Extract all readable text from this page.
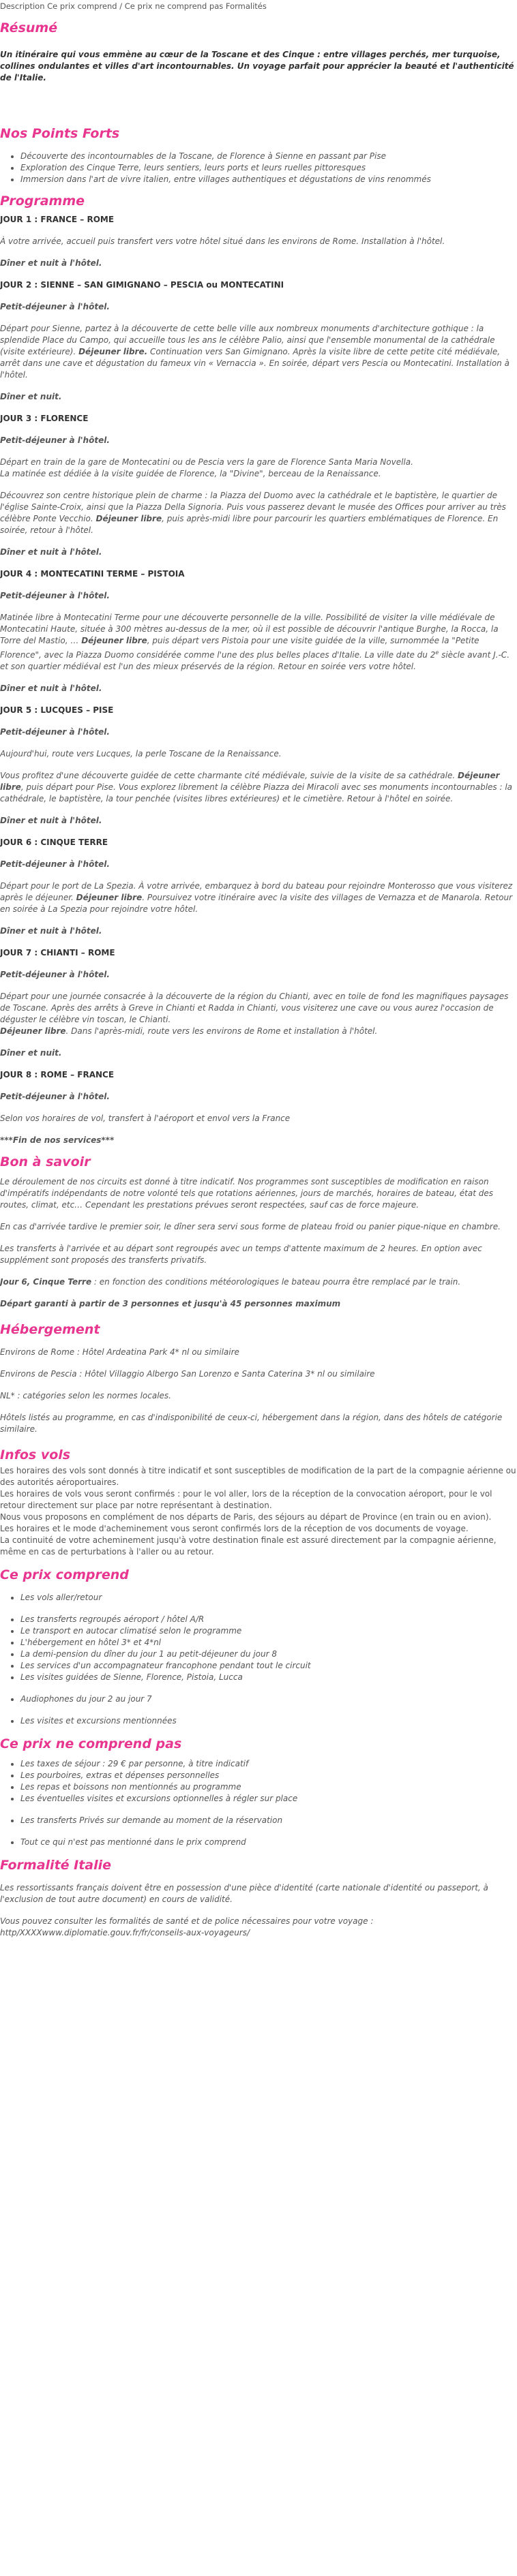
Description Ce prix comprend / Ce prix ne comprend pas Formalités
Résumé

Un itinéraire qui vous emmène au cœur de la Toscane et des Cinque : entre villages perchés, mer turquoise, collines ondulantes et villes d'art incontournables. Un voyage parfait pour apprécier la beauté et l'authenticité de l'Italie.

Nos Points Forts
• Découverte des incontournables de la Toscane, de Florence à Sienne en passant par Pise
• Exploration des Cinque Terre, leurs sentiers, leurs ports et leurs ruelles pittoresques
• Immersion dans l'art de vivre italien, entre villages authentiques et dégustations de vins renommés
Programme

JOUR 1 : FRANCE – ROME

À votre arrivée, accueil puis transfert vers votre hôtel situé dans les environs de Rome. Installation à l'hôtel.

Dîner et nuit à l'hôtel.

JOUR 2 : SIENNE – SAN GIMIGNANO – PESCIA ou MONTECATINI

Petit-déjeuner à l'hôtel.

Départ pour Sienne, partez à la découverte de cette belle ville aux nombreux monuments d'architecture gothique : la splendide Place du Campo, qui accueille tous les ans le célèbre Palio, ainsi que l'ensemble monumental de la cathédrale (visite extérieure). Déjeuner libre. Continuation vers San Gimignano. Après la visite libre de cette petite cité médiévale, arrêt dans une cave et dégustation du fameux vin « Vernaccia ». En soirée, départ vers Pescia ou Montecatini. Installation à l'hôtel.

Dîner et nuit.

JOUR 3 : FLORENCE

Petit-déjeuner à l'hôtel.

Départ en train de la gare de Montecatini ou de Pescia vers la gare de Florence Santa Maria Novella.

La matinée est dédiée à la visite guidée de Florence, la "Divine", berceau de la Renaissance.

Découvrez son centre historique plein de charme : la Piazza del Duomo avec la cathédrale et le baptistère, le quartier de l'église Sainte-Croix, ainsi que la Piazza Della Signoria. Puis vous passerez devant le musée des Offices pour arriver au très célèbre Ponte Vecchio. Déjeuner libre, puis après-midi libre pour parcourir les quartiers emblématiques de Florence. En soirée, retour à l'hôtel.

Dîner et nuit à l'hôtel.

JOUR 4 : MONTECATINI TERME – PISTOIA

Petit-déjeuner à l'hôtel.

Matinée libre à Montecatini Terme pour une découverte personnelle de la ville. Possibilité de visiter la ville médiévale de Montecatini Haute, située à 300 mètres au-dessus de la mer, où il est possible de découvrir l'antique Burghe, la Rocca, la Torre del Mastio, … Déjeuner libre, puis départ vers Pistoia pour une visite guidée de la ville, surnommée la "Petite Florence", avec la Piazza Duomo considérée comme l'une des plus belles places d'Italie. La ville date du 2e siècle avant J.-C. et son quartier médiéval est l'un des mieux préservés de la région. Retour en soirée vers votre hôtel.

Dîner et nuit à l'hôtel.

JOUR 5 : LUCQUES – PISE

Petit-déjeuner à l'hôtel.

Aujourd'hui, route vers Lucques, la perle Toscane de la Renaissance.

Vous profitez d'une découverte guidée de cette charmante cité médiévale, suivie de la visite de sa cathédrale. Déjeuner libre, puis départ pour Pise. Vous explorez librement la célèbre Piazza dei Miracoli avec ses monuments incontournables : la cathédrale, le baptistère, la tour penchée (visites libres extérieures) et le cimetière. Retour à l'hôtel en soirée.

Dîner et nuit à l'hôtel.

JOUR 6 : CINQUE TERRE

Petit-déjeuner à l'hôtel.

Départ pour le port de La Spezia. À votre arrivée, embarquez à bord du bateau pour rejoindre Monterosso que vous visiterez après le déjeuner. Déjeuner libre. Poursuivez votre itinéraire avec la visite des villages de Vernazza et de Manarola. Retour en soirée à La Spezia pour rejoindre votre hôtel.

Dîner et nuit à l'hôtel.

JOUR 7 : CHIANTI – ROME

Petit-déjeuner à l'hôtel.

Départ pour une journée consacrée à la découverte de la région du Chianti, avec en toile de fond les magnifiques paysages de Toscane. Après des arrêts à Greve in Chianti et Radda in Chianti, vous visiterez une cave ou vous aurez l'occasion de déguster le célèbre vin toscan, le Chianti.

Déjeuner libre. Dans l'après-midi, route vers les environs de Rome et installation à l'hôtel.

Dîner et nuit.

JOUR 8 : ROME – FRANCE

Petit-déjeuner à l'hôtel.

Selon vos horaires de vol, transfert à l'aéroport et envol vers la France

***Fin de nos services***

Bon à savoir

Le déroulement de nos circuits est donné à titre indicatif. Nos programmes sont susceptibles de modification en raison d'impératifs indépendants de notre volonté tels que rotations aériennes, jours de marchés, horaires de bateau, état des routes, climat, etc… Cependant les prestations prévues seront respectées, sauf cas de force majeure.

En cas d'arrivée tardive le premier soir, le dîner sera servi sous forme de plateau froid ou panier pique-nique en chambre.

Les transferts à l'arrivée et au départ sont regroupés avec un temps d'attente maximum de 2 heures. En option avec supplément sont proposés des transferts privatifs.

Jour 6, Cinque Terre : en fonction des conditions météorologiques le bateau pourra être remplacé par le train.

Départ garanti à partir de 3 personnes et jusqu'à 45 personnes maximum

Hébergement

Environs de Rome : Hôtel Ardeatina Park 4* nl ou similaire

Environs de Pescia : Hôtel Villaggio Albergo San Lorenzo e Santa Caterina 3* nl ou similaire

NL* : catégories selon les normes locales.

Hôtels listés au programme, en cas d'indisponibilité de ceux-ci, hébergement dans la région, dans des hôtels de catégorie similaire.

Infos vols

Les horaires des vols sont donnés à titre indicatif et sont susceptibles de modification de la part de la compagnie aérienne ou des autorités aéroportuaires.

Les horaires de vols vous seront confirmés : pour le vol aller, lors de la réception de la convocation aéroport, pour le vol retour directement sur place par notre représentant à destination.

Nous vous proposons en complément de nos départs de Paris, des séjours au départ de Province (en train ou en avion).

Les horaires et le mode d'acheminement vous seront confirmés lors de la réception de vos documents de voyage.

La continuité de votre acheminement jusqu'à votre destination finale est assuré directement par la compagnie aérienne, même en cas de perturbations à l'aller ou au retour.

Ce prix comprend
• Les vols aller/retour
• Les transferts regroupés aéroport / hôtel A/R
• Le transport en autocar climatisé selon le programme
• L'hébergement en hôtel 3* et 4*nl
• La demi-pension du dîner du jour 1 au petit-déjeuner du jour 8
• Les services d'un accompagnateur francophone pendant tout le circuit
• Les visites guidées de Sienne, Florence, Pistoia, Lucca
• Audiophones du jour 2 au jour 7
• Les visites et excursions mentionnées
Ce prix ne comprend pas
• Les taxes de séjour : 29 € par personne, à titre indicatif
• Les pourboires, extras et dépenses personnelles
• Les repas et boissons non mentionnés au programme
• Les éventuelles visites et excursions optionnelles à régler sur place
• Les transferts Privés sur demande au moment de la réservation
• Tout ce qui n'est pas mentionné dans le prix comprend
Formalité Italie

Les ressortissants français doivent être en possession d'une pièce d'identité (carte nationale d'identité ou passeport, à l'exclusion de tout autre document) en cours de validité.

Vous pouvez consulter les formalités de santé et de police nécessaires pour votre voyage :

http/XXXXwww.diplomatie.gouv.fr/fr/conseils-aux-voyageurs/
